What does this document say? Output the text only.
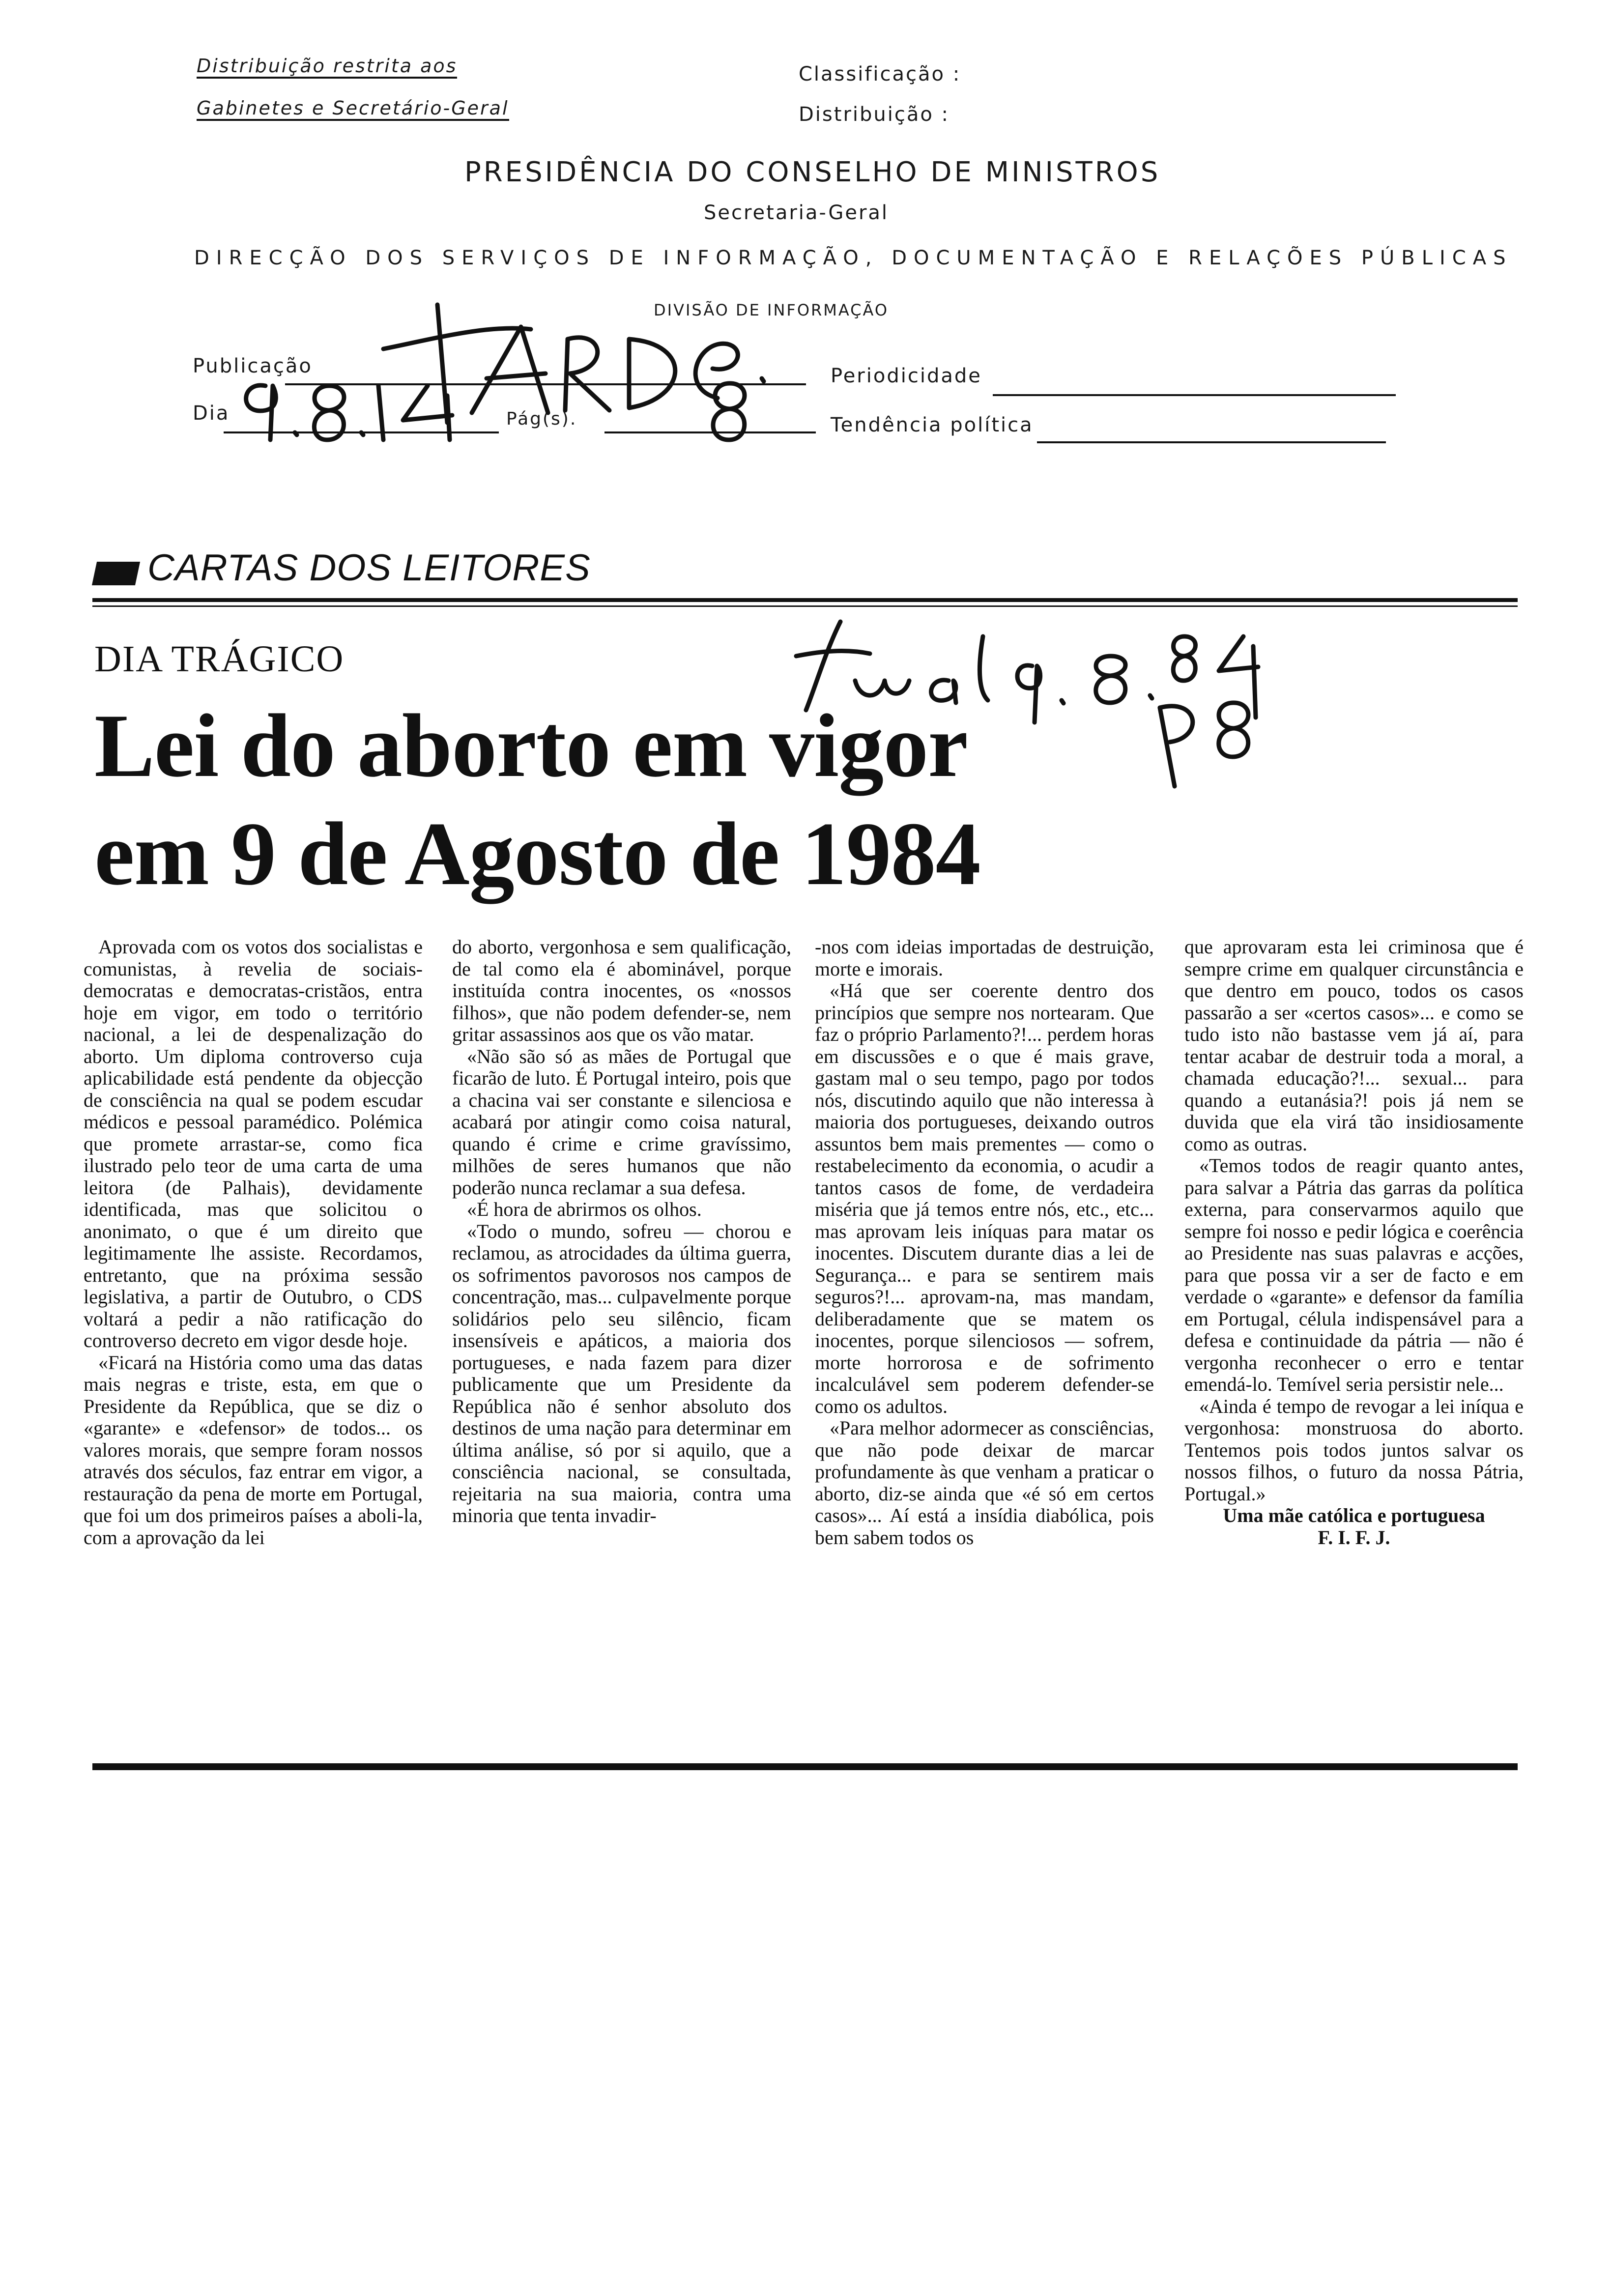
Distribuição restrita aos
Gabinetes e Secretário-Geral
Classificação :
Distribuição :
PRESIDÊNCIA DO CONSELHO DE MINISTROS
Secretaria-Geral
DIRECÇÃO DOS SERVIÇOS DE INFORMAÇÃO, DOCUMENTAÇÃO E RELAÇÕES PÚBLICAS
DIVISÃO DE INFORMAÇÃO
Publicação
Dia	Pág(s).
Periodicidade
Tendência política
CARTAS DOS LEITORES
DIA TRÁGICO
Lei do aborto em vigor
em 9 de Agosto de 1984

Aprovada com os votos dos socialistas e comunistas, à revelia de sociais-democratas e democratas-cristãos, entra hoje em vigor, em todo o território nacional, a lei de despenalização do aborto. Um diploma controverso cuja aplicabilidade está pendente da objecção de consciência na qual se podem escudar médicos e pessoal paramédico. Polémica que promete arrastar-se, como fica ilustrado pelo teor de uma carta de uma leitora (de Palhais), devidamente identificada, mas que solicitou o anonimato, o que é um direito que legitimamente lhe assiste. Recordamos, entretanto, que na próxima sessão legislativa, a partir de Outubro, o CDS voltará a pedir a não ratificação do controverso decreto em vigor desde hoje.

«Ficará na História como uma das datas mais negras e triste, esta, em que o Presidente da República, que se diz o «garante» e «defensor» de todos... os valores morais, que sempre foram nossos através dos séculos, faz entrar em vigor, a restauração da pena de morte em Portugal, que foi um dos primeiros países a aboli-la, com a aprovação da lei

do aborto, vergonhosa e sem qualificação, de tal como ela é abominável, porque instituída contra inocentes, os «nossos filhos», que não podem defender-se, nem gritar assassinos aos que os vão matar.

«Não são só as mães de Portugal que ficarão de luto. É Portugal inteiro, pois que a chacina vai ser constante e silenciosa e acabará por atingir como coisa natural, quando é crime e crime gravíssimo, milhões de seres humanos que não poderão nunca reclamar a sua defesa.

«É hora de abrirmos os olhos.

«Todo o mundo, sofreu — chorou e reclamou, as atrocidades da última guerra, os sofrimentos pavorosos nos campos de concentração, mas... culpavelmente porque solidários pelo seu silêncio, ficam insensíveis e apáticos, a maioria dos portugueses, e nada fazem para dizer publicamente que um Presidente da República não é senhor absoluto dos destinos de uma nação para determinar em última análise, só por si aquilo, que a consciência nacional, se consultada, rejeitaria na sua maioria, contra uma minoria que tenta invadir-

-nos com ideias importadas de destruição, morte e imorais.

«Há que ser coerente dentro dos princípios que sempre nos nortearam. Que faz o próprio Parlamento?!... perdem horas em discussões e o que é mais grave, gastam mal o seu tempo, pago por todos nós, discutindo aquilo que não interessa à maioria dos portugueses, deixando outros assuntos bem mais prementes — como o restabelecimento da economia, o acudir a tantos casos de fome, de verdadeira miséria que já temos entre nós, etc., etc... mas aprovam leis iníquas para matar os inocentes. Discutem durante dias a lei de Segurança... e para se sentirem mais seguros?!... aprovam-na, mas mandam, deliberadamente que se matem os inocentes, porque silenciosos — sofrem, morte horrorosa e de sofrimento incalculável sem poderem defender-se como os adultos.

«Para melhor adormecer as consciências, que não pode deixar de marcar profundamente às que venham a praticar o aborto, diz-se ainda que «é só em certos casos»... Aí está a insídia diabólica, pois bem sabem todos os

que aprovaram esta lei criminosa que é sempre crime em qualquer circunstância e que dentro em pouco, todos os casos passarão a ser «certos casos»... e como se tudo isto não bastasse vem já aí, para tentar acabar de destruir toda a moral, a chamada educação?!... sexual... para quando a eutanásia?! pois já nem se duvida que ela virá tão insidiosamente como as outras.

«Temos todos de reagir quanto antes, para salvar a Pátria das garras da política externa, para conservarmos aquilo que sempre foi nosso e pedir lógica e coerência ao Presidente nas suas palavras e acções, para que possa vir a ser de facto e em verdade o «garante» e defensor da família em Portugal, célula indispensável para a defesa e continuidade da pátria — não é vergonha reconhecer o erro e tentar emendá-lo. Temível seria persistir nele...

«Ainda é tempo de revogar a lei iníqua e vergonhosa: monstruosa do aborto. Tentemos pois todos juntos salvar os nossos filhos, o futuro da nossa Pátria, Portugal.»

Uma mãe católica e portuguesa

F. I. F. J.
